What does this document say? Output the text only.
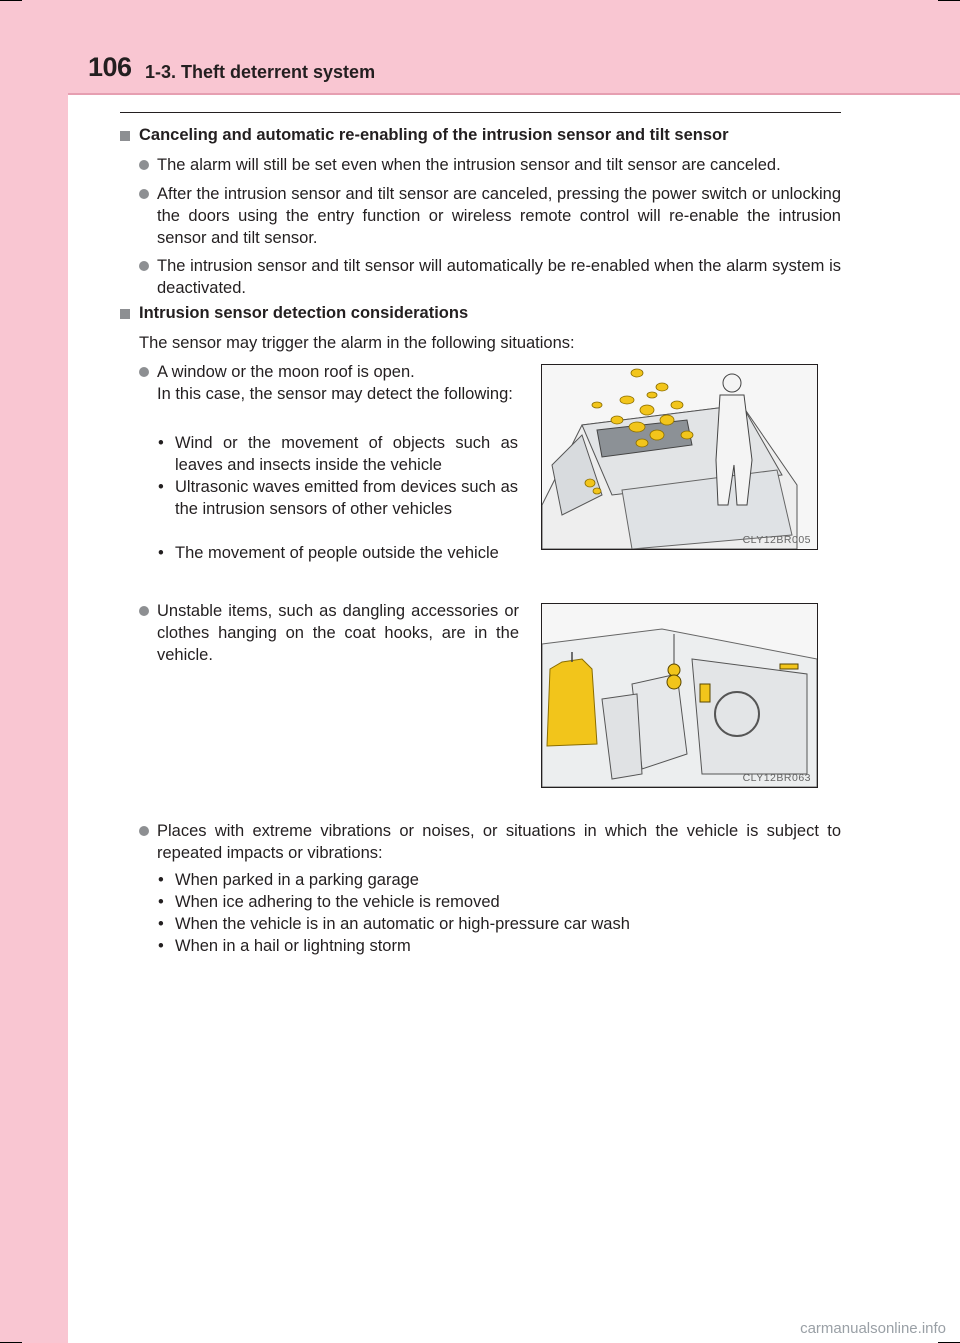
106 1-3. Theft deterrent system
Canceling and automatic re-enabling of the intrusion sensor and tilt sensor
The alarm will still be set even when the intrusion sensor and tilt sensor are canceled.
After the intrusion sensor and tilt sensor are canceled, pressing the power switch or unlocking the doors using the entry function or wireless remote control will re-enable the intrusion sensor and tilt sensor.
The intrusion sensor and tilt sensor will automatically be re-enabled when the alarm system is deactivated.
Intrusion sensor detection considerations
The sensor may trigger the alarm in the following situations:
A window or the moon roof is open.
In this case, the sensor may detect the following:
• Wind or the movement of objects such as leaves and insects inside the vehicle
• Ultrasonic waves emitted from devices such as the intrusion sensors of other vehicles
• The movement of people outside the vehicle
CLY12BR005
Unstable items, such as dangling accessories or clothes hanging on the coat hooks, are in the vehicle.
CLY12BR063
Places with extreme vibrations or noises, or situations in which the vehicle is subject to repeated impacts or vibrations:
• When parked in a parking garage
• When ice adhering to the vehicle is removed
• When the vehicle is in an automatic or high-pressure car wash
• When in a hail or lightning storm
carmanualsonline.info
